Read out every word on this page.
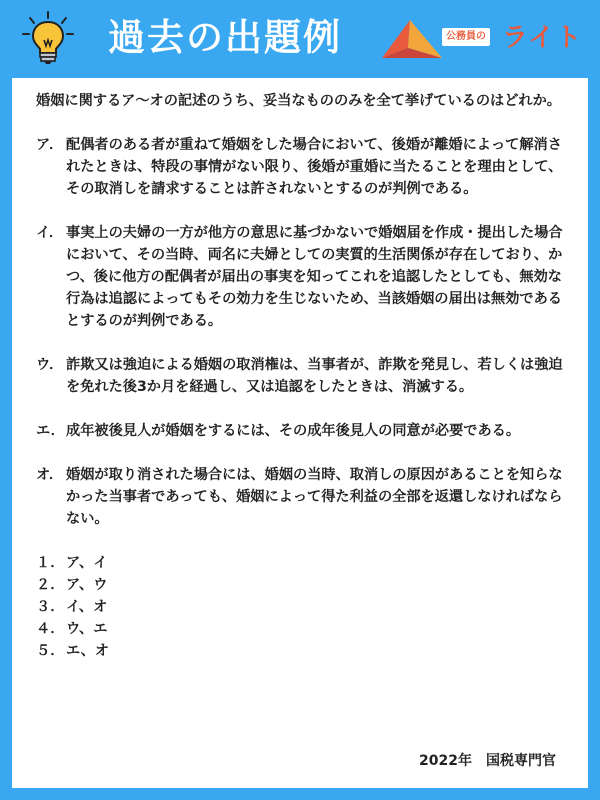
過去の出題例	公務員の ライト
婚姻に関するア〜オの記述のうち、妥当なもののみを全て挙げているのはどれか。
ア． 配偶者のある者が重ねて婚姻をした場合において、後婚が離婚によって解消されたときは、特段の事情がない限り、後婚が重婚に当たることを理由として、その取消しを請求することは許されないとするのが判例である。
イ． 事実上の夫婦の一方が他方の意思に基づかないで婚姻届を作成・提出した場合において、その当時、両名に夫婦としての実質的生活関係が存在しており、かつ、後に他方の配偶者が届出の事実を知ってこれを追認したとしても、無効な行為は追認によってもその効力を生じないため、当該婚姻の届出は無効であるとするのが判例である。
ウ． 詐欺又は強迫による婚姻の取消権は、当事者が、詐欺を発見し、若しくは強迫を免れた後3か月を経過し、又は追認をしたときは、消滅する。
エ． 成年被後見人が婚姻をするには、その成年後見人の同意が必要である。
オ． 婚姻が取り消された場合には、婚姻の当時、取消しの原因があることを知らなかった当事者であっても、婚姻によって得た利益の全部を返還しなければならない。
１． ア、イ
２． ア、ウ
３． イ、オ
４． ウ、エ
５． エ、オ
2022年　国税専門官
